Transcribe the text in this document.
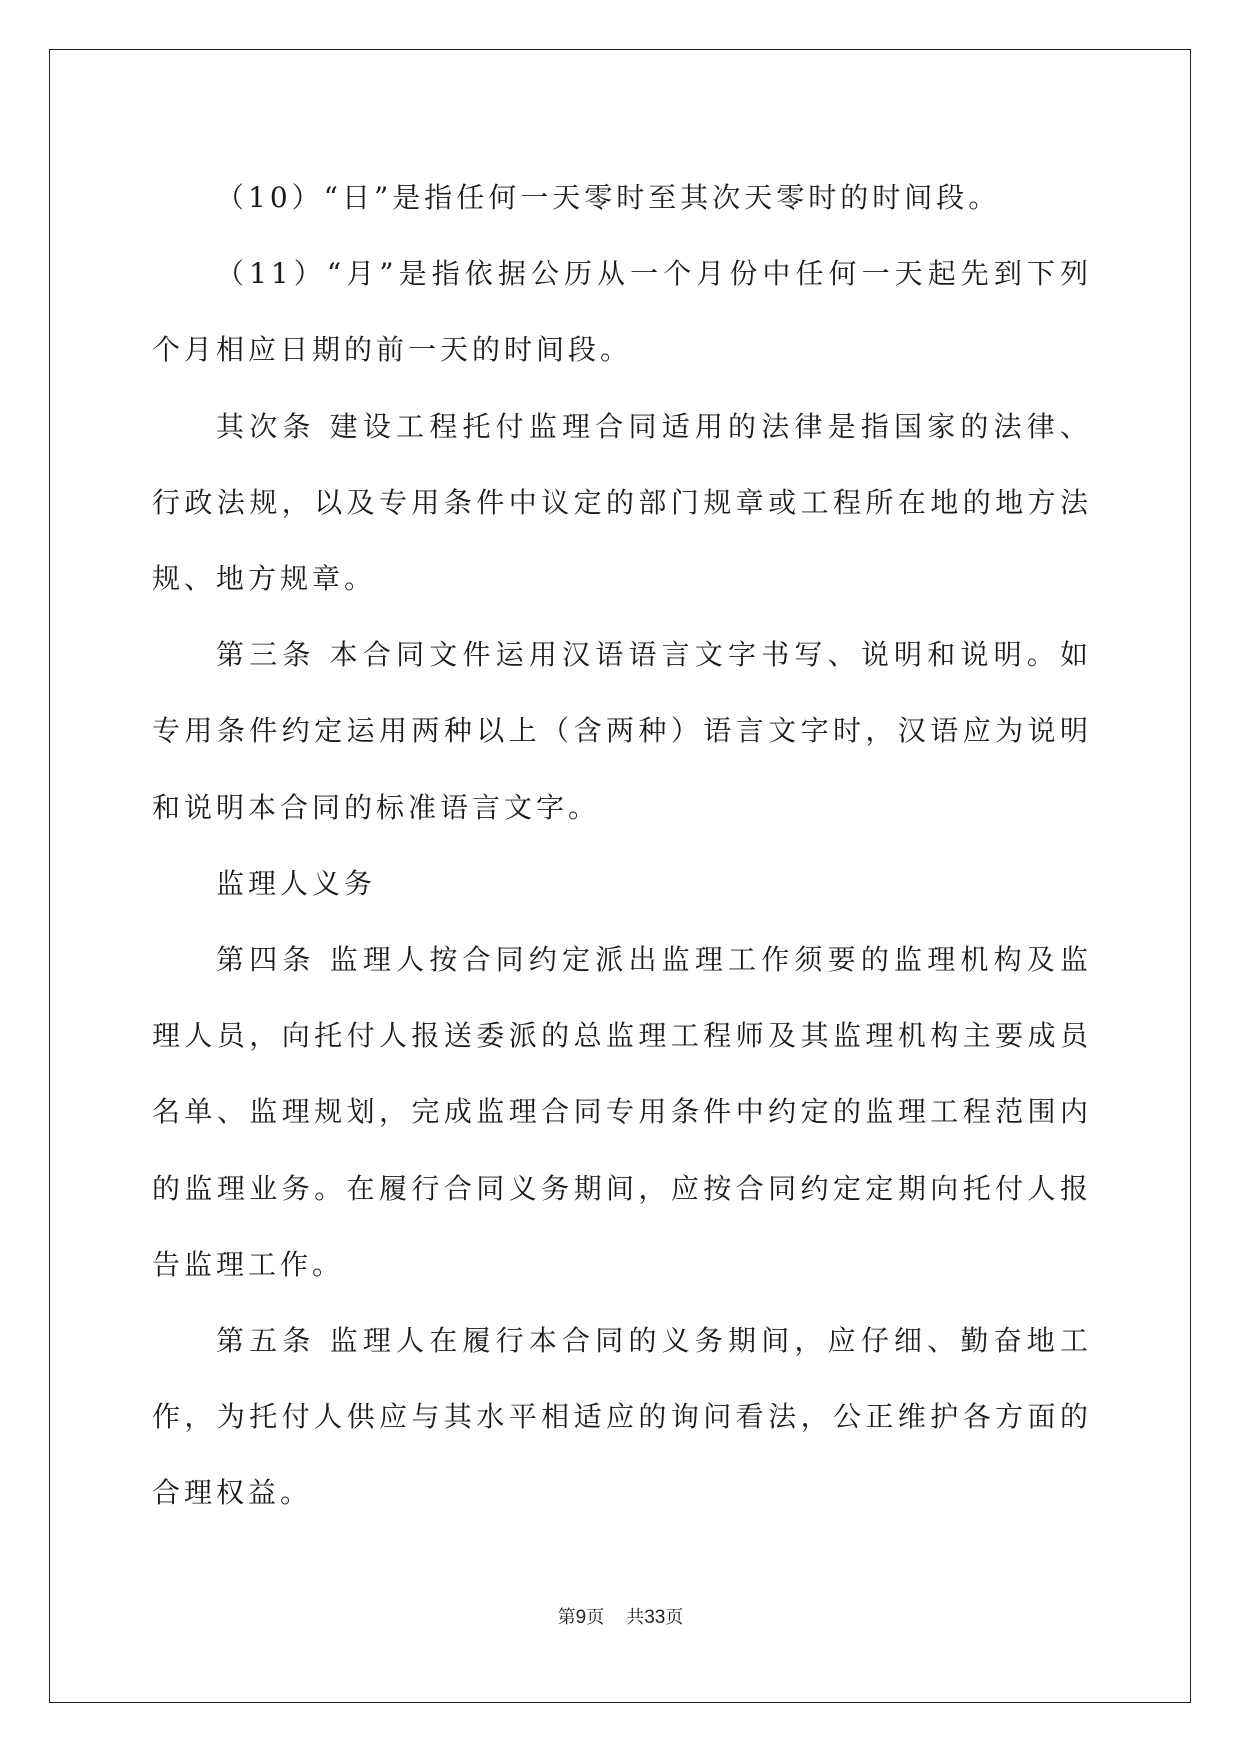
（10）“日”是指任何一天零时至其次天零时的时间段。

（11）“月”是指依据公历从一个月份中任何一天起先到下列个月相应日期的前一天的时间段。

其次条 建设工程托付监理合同适用的法律是指国家的法律、行政法规，以及专用条件中议定的部门规章或工程所在地的地方法规、地方规章。

第三条 本合同文件运用汉语语言文字书写、说明和说明。如专用条件约定运用两种以上（含两种）语言文字时，汉语应为说明和说明本合同的标准语言文字。

监理人义务

第四条 监理人按合同约定派出监理工作须要的监理机构及监理人员，向托付人报送委派的总监理工程师及其监理机构主要成员名单、监理规划，完成监理合同专用条件中约定的监理工程范围内的监理业务。在履行合同义务期间，应按合同约定定期向托付人报告监理工作。

第五条 监理人在履行本合同的义务期间，应仔细、勤奋地工作，为托付人供应与其水平相适应的询问看法，公正维护各方面的合理权益。

第9页 共33页
